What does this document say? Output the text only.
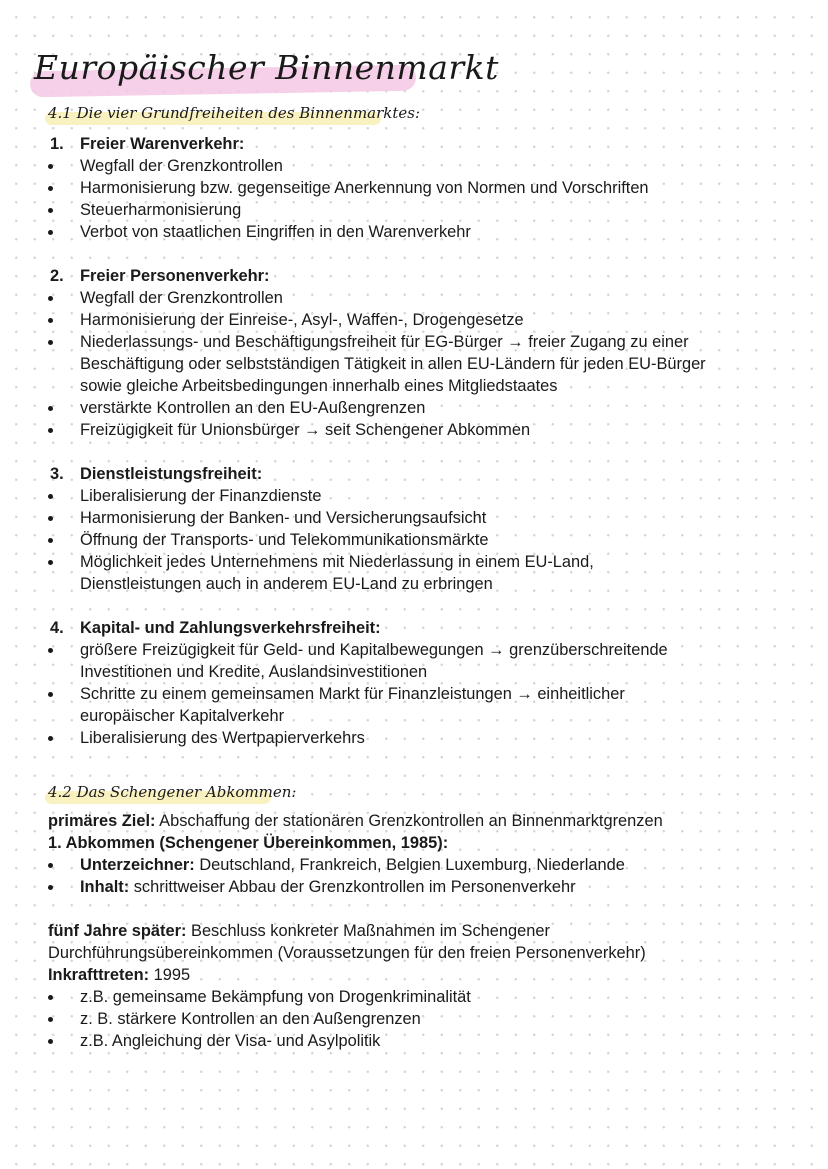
Europäischer Binnenmarkt
4.1 Die vier Grundfreiheiten des Binnenmarktes:
1. Freier Warenverkehr:
Wegfall der Grenzkontrollen
Harmonisierung bzw. gegenseitige Anerkennung von Normen und Vorschriften
Steuerharmonisierung
Verbot von staatlichen Eingriffen in den Warenverkehr
2. Freier Personenverkehr:
Wegfall der Grenzkontrollen
Harmonisierung der Einreise-, Asyl-, Waffen-, Drogengesetze
Niederlassungs- und Beschäftigungsfreiheit für EG-Bürger → freier Zugang zu einer
Beschäftigung oder selbstständigen Tätigkeit in allen EU-Ländern für jeden EU-Bürger
sowie gleiche Arbeitsbedingungen innerhalb eines Mitgliedstaates
verstärkte Kontrollen an den EU-Außengrenzen
Freizügigkeit für Unionsbürger → seit Schengener Abkommen
3. Dienstleistungsfreiheit:
Liberalisierung der Finanzdienste
Harmonisierung der Banken- und Versicherungsaufsicht
Öffnung der Transports- und Telekommunikationsmärkte
Möglichkeit jedes Unternehmens mit Niederlassung in einem EU-Land,
Dienstleistungen auch in anderem EU-Land zu erbringen
4. Kapital- und Zahlungsverkehrsfreiheit:
größere Freizügigkeit für Geld- und Kapitalbewegungen → grenzüberschreitende
Investitionen und Kredite, Auslandsinvestitionen
Schritte zu einem gemeinsamen Markt für Finanzleistungen → einheitlicher
europäischer Kapitalverkehr
Liberalisierung des Wertpapierverkehrs
4.2 Das Schengener Abkommen:
primäres Ziel: Abschaffung der stationären Grenzkontrollen an Binnenmarktgrenzen
1. Abkommen (Schengener Übereinkommen, 1985):
Unterzeichner: Deutschland, Frankreich, Belgien Luxemburg, Niederlande
Inhalt: schrittweiser Abbau der Grenzkontrollen im Personenverkehr
fünf Jahre später: Beschluss konkreter Maßnahmen im Schengener
Durchführungsübereinkommen (Voraussetzungen für den freien Personenverkehr)
Inkrafttreten: 1995
z.B. gemeinsame Bekämpfung von Drogenkriminalität
z. B. stärkere Kontrollen an den Außengrenzen
z.B. Angleichung der Visa- und Asylpolitik
